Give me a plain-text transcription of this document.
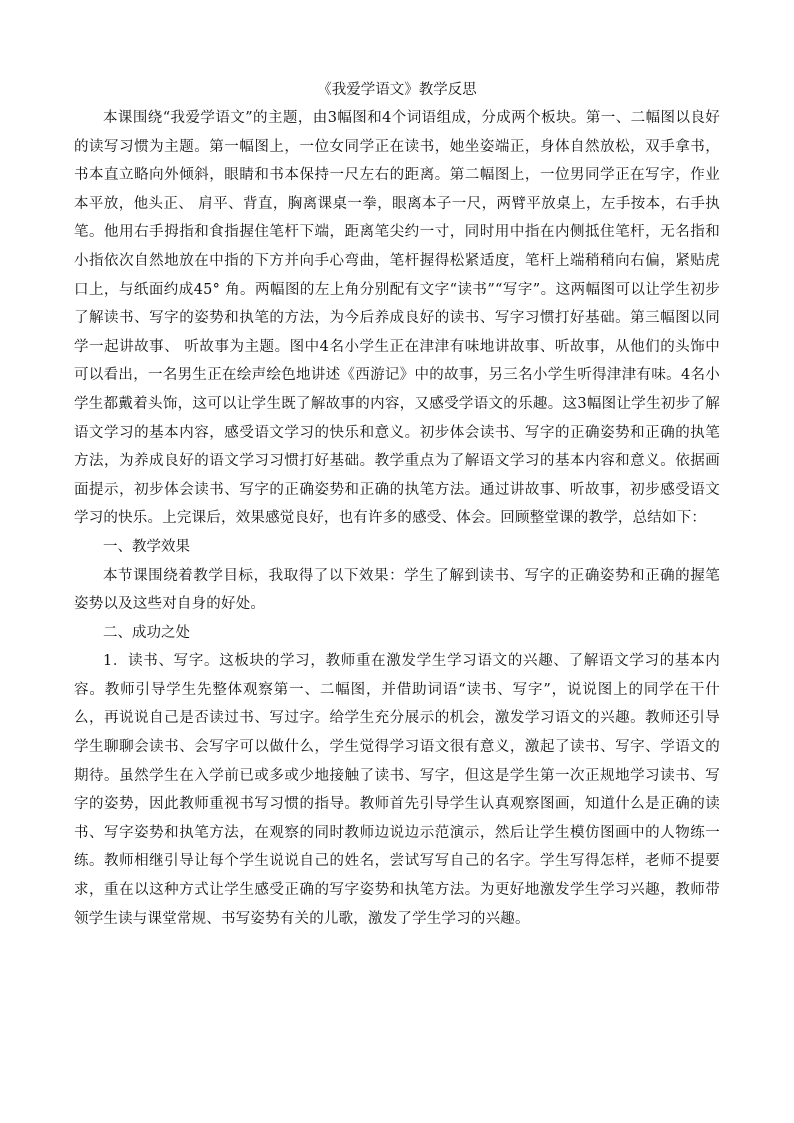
《我爱学语文》教学反思

本课围绕“我爱学语文”的主题，由3幅图和4个词语组成，分成两个板块。第一、二幅图以良好的读写习惯为主题。第一幅图上，一位女同学正在读书，她坐姿端正，身体自然放松，双手拿书，书本直立略向外倾斜，眼睛和书本保持一尺左右的距离。第二幅图上，一位男同学正在写字，作业本平放，他头正、 肩平、背直，胸离课桌一拳，眼离本子一尺，两臂平放桌上，左手按本，右手执笔。他用右手拇指和食指握住笔杆下端，距离笔尖约一寸，同时用中指在内侧抵住笔杆，无名指和小指依次自然地放在中指的下方并向手心弯曲，笔杆握得松紧适度，笔杆上端稍稍向右偏，紧贴虎口上，与纸面约成45° 角。两幅图的左上角分别配有文字“读书”“写字”。这两幅图可以让学生初步了解读书、写字的姿势和执笔的方法，为今后养成良好的读书、写字习惯打好基础。第三幅图以同学一起讲故事、 听故事为主题。图中4名小学生正在津津有味地讲故事、听故事，从他们的头饰中可以看出，一名男生正在绘声绘色地讲述《西游记》中的故事，另三名小学生听得津津有味。4名小学生都戴着头饰，这可以让学生既了解故事的内容，又感受学语文的乐趣。这3幅图让学生初步了解语文学习的基本内容，感受语文学习的快乐和意义。初步体会读书、写字的正确姿势和正确的执笔方法，为养成良好的语文学习习惯打好基础。教学重点为了解语文学习的基本内容和意义。依据画面提示，初步体会读书、写字的正确姿势和正确的执笔方法。通过讲故事、听故事，初步感受语文学习的快乐。上完课后，效果感觉良好，也有许多的感受、体会。回顾整堂课的教学，总结如下：

一、教学效果

本节课围绕着教学目标，我取得了以下效果：学生了解到读书、写字的正确姿势和正确的握笔姿势以及这些对自身的好处。

二、成功之处

1．读书、写字。这板块的学习，教师重在激发学生学习语文的兴趣、了解语文学习的基本内容。教师引导学生先整体观察第一、二幅图，并借助词语“读书、写字”，说说图上的同学在干什么，再说说自己是否读过书、写过字。给学生充分展示的机会，激发学习语文的兴趣。教师还引导学生聊聊会读书、会写字可以做什么，学生觉得学习语文很有意义，激起了读书、写字、学语文的期待。虽然学生在入学前已或多或少地接触了读书、写字，但这是学生第一次正规地学习读书、写字的姿势，因此教师重视书写习惯的指导。教师首先引导学生认真观察图画，知道什么是正确的读书、写字姿势和执笔方法，在观察的同时教师边说边示范演示，然后让学生模仿图画中的人物练一练。教师相继引导让每个学生说说自己的姓名，尝试写写自己的名字。学生写得怎样，老师不提要求，重在以这种方式让学生感受正确的写字姿势和执笔方法。为更好地激发学生学习兴趣，教师带领学生读与课堂常规、书写姿势有关的儿歌，激发了学生学习的兴趣。
